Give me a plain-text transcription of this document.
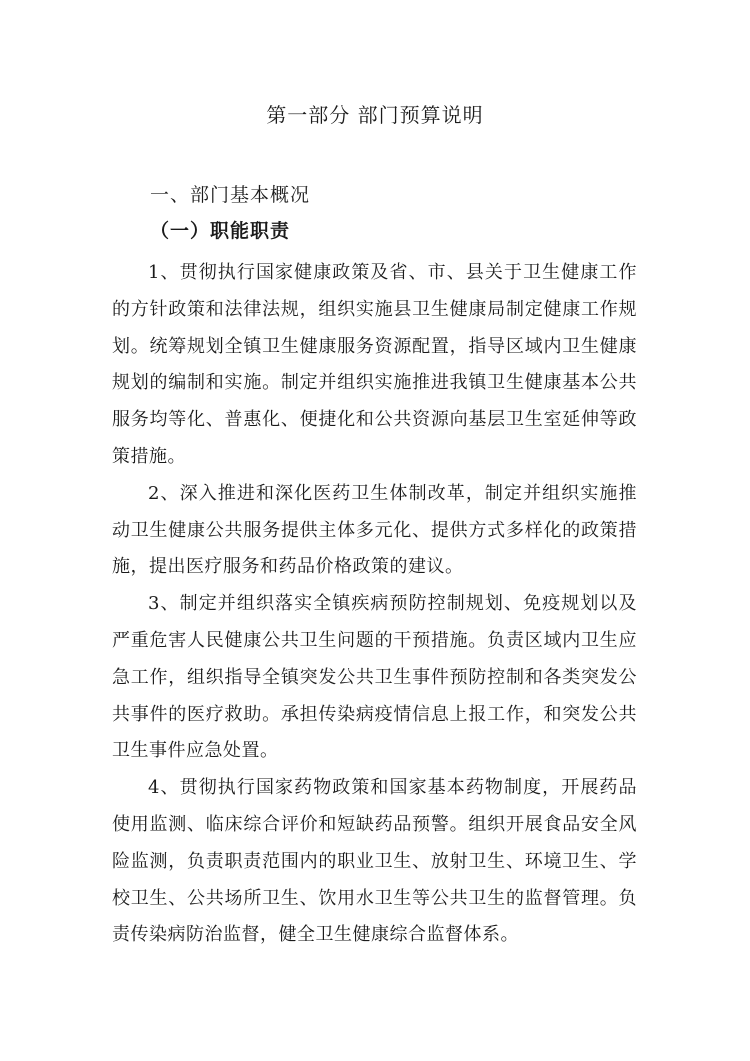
第一部分 部门预算说明
一、部门基本概况
（一）职能职责

1、贯彻执行国家健康政策及省、市、县关于卫生健康工作的方针政策和法律法规，组织实施县卫生健康局制定健康工作规划。统筹规划全镇卫生健康服务资源配置，指导区域内卫生健康规划的编制和实施。制定并组织实施推进我镇卫生健康基本公共服务均等化、普惠化、便捷化和公共资源向基层卫生室延伸等政策措施。

2、深入推进和深化医药卫生体制改革，制定并组织实施推动卫生健康公共服务提供主体多元化、提供方式多样化的政策措施，提出医疗服务和药品价格政策的建议。

3、制定并组织落实全镇疾病预防控制规划、免疫规划以及严重危害人民健康公共卫生问题的干预措施。负责区域内卫生应急工作，组织指导全镇突发公共卫生事件预防控制和各类突发公共事件的医疗救助。承担传染病疫情信息上报工作，和突发公共卫生事件应急处置。

4、贯彻执行国家药物政策和国家基本药物制度，开展药品使用监测、临床综合评价和短缺药品预警。组织开展食品安全风险监测，负责职责范围内的职业卫生、放射卫生、环境卫生、学校卫生、公共场所卫生、饮用水卫生等公共卫生的监督管理。负责传染病防治监督，健全卫生健康综合监督体系。
